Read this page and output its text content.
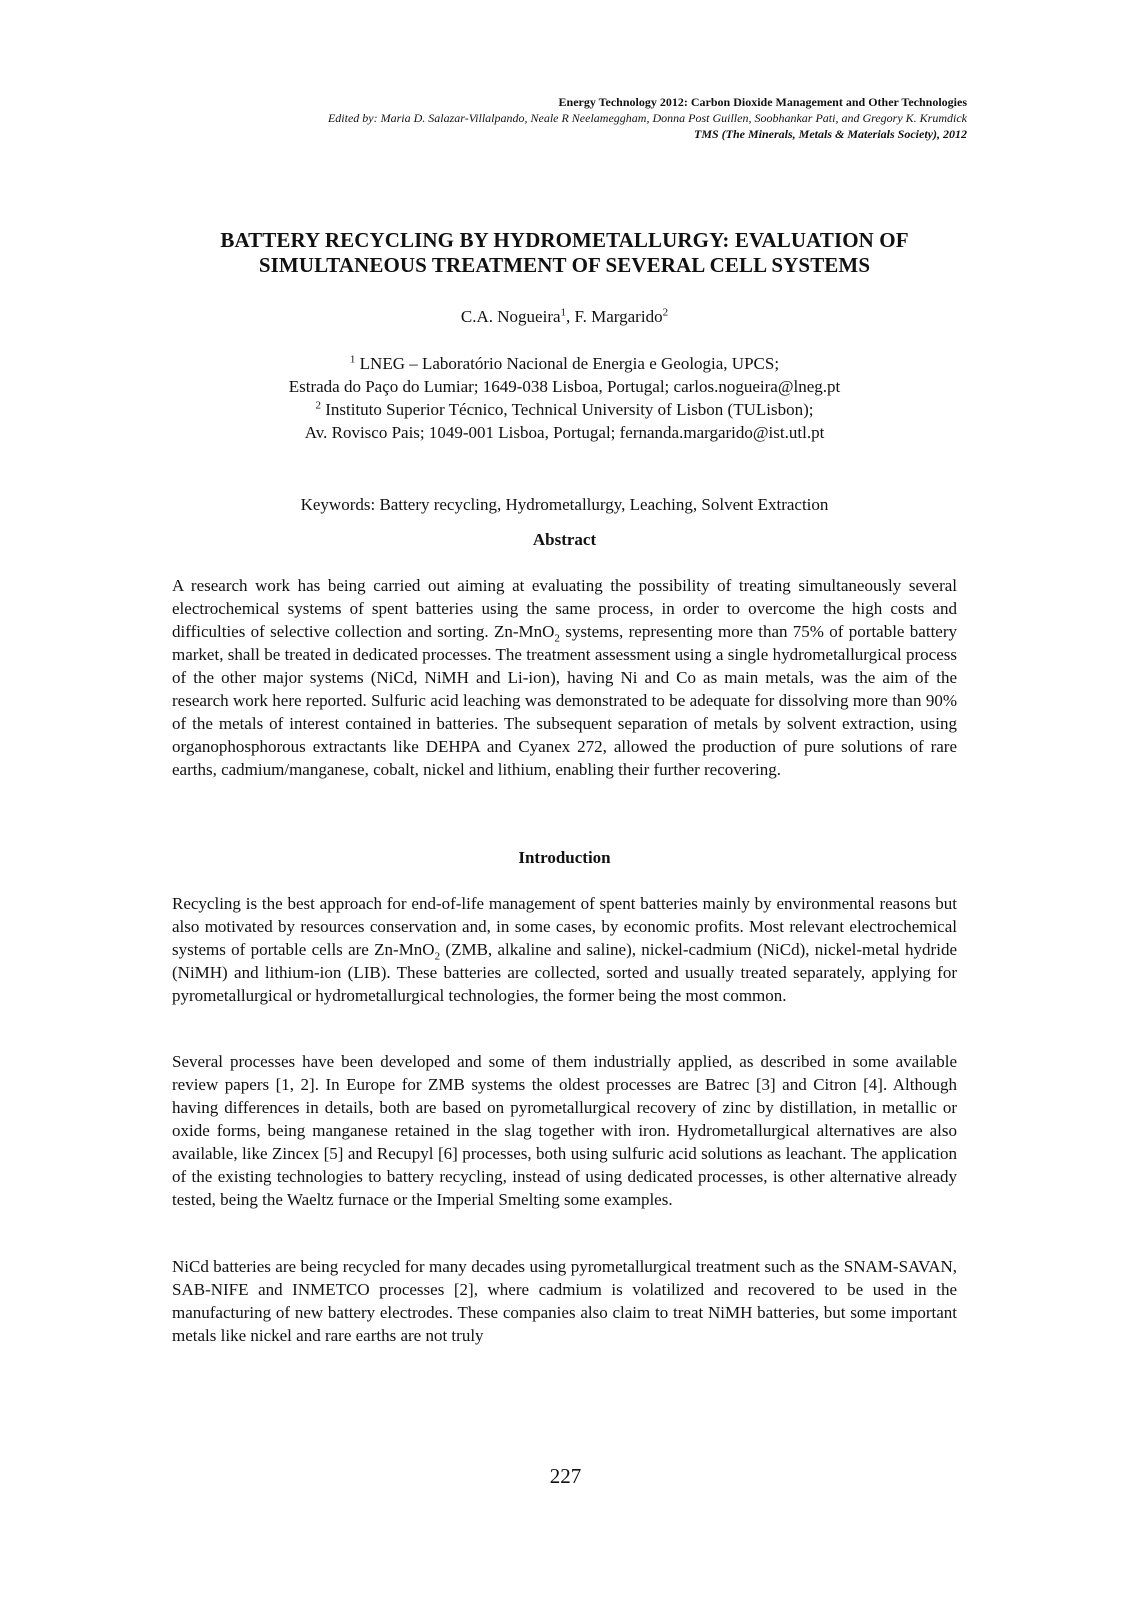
Energy Technology 2012: Carbon Dioxide Management and Other Technologies
Edited by: Maria D. Salazar-Villalpando, Neale R Neelameggham, Donna Post Guillen, Soobhankar Pati, and Gregory K. Krumdick
TMS (The Minerals, Metals & Materials Society), 2012
BATTERY RECYCLING BY HYDROMETALLURGY: EVALUATION OF
SIMULTANEOUS TREATMENT OF SEVERAL CELL SYSTEMS
C.A. Nogueira$^1$, F. Margarido$^2$
$^1$ LNEG – Laboratório Nacional de Energia e Geologia, UPCS;
Estrada do Paço do Lumiar; 1649-038 Lisboa, Portugal; carlos.nogueira@lneg.pt
$^2$ Instituto Superior Técnico, Technical University of Lisbon (TULisbon);
Av. Rovisco Pais; 1049-001 Lisboa, Portugal; fernanda.margarido@ist.utl.pt
Keywords: Battery recycling, Hydrometallurgy, Leaching, Solvent Extraction
Abstract
A research work has being carried out aiming at evaluating the possibility of treating simultaneously several electrochemical systems of spent batteries using the same process, in order to overcome the high costs and difficulties of selective collection and sorting. Zn-MnO$_2$ systems, representing more than 75% of portable battery market, shall be treated in dedicated processes. The treatment assessment using a single hydrometallurgical process of the other major systems (NiCd, NiMH and Li-ion), having Ni and Co as main metals, was the aim of the research work here reported. Sulfuric acid leaching was demonstrated to be adequate for dissolving more than 90% of the metals of interest contained in batteries. The subsequent separation of metals by solvent extraction, using organophosphorous extractants like DEHPA and Cyanex 272, allowed the production of pure solutions of rare earths, cadmium/manganese, cobalt, nickel and lithium, enabling their further recovering.
Introduction
Recycling is the best approach for end-of-life management of spent batteries mainly by environmental reasons but also motivated by resources conservation and, in some cases, by economic profits. Most relevant electrochemical systems of portable cells are Zn-MnO$_2$ (ZMB, alkaline and saline), nickel-cadmium (NiCd), nickel-metal hydride (NiMH) and lithium-ion (LIB). These batteries are collected, sorted and usually treated separately, applying for pyrometallurgical or hydrometallurgical technologies, the former being the most common.
Several processes have been developed and some of them industrially applied, as described in some available review papers [1, 2]. In Europe for ZMB systems the oldest processes are Batrec [3] and Citron [4]. Although having differences in details, both are based on pyrometallurgical recovery of zinc by distillation, in metallic or oxide forms, being manganese retained in the slag together with iron. Hydrometallurgical alternatives are also available, like Zincex [5] and Recupyl [6] processes, both using sulfuric acid solutions as leachant. The application of the existing technologies to battery recycling, instead of using dedicated processes, is other alternative already tested, being the Waeltz furnace or the Imperial Smelting some examples.
NiCd batteries are being recycled for many decades using pyrometallurgical treatment such as the SNAM-SAVAN, SAB-NIFE and INMETCO processes [2], where cadmium is volatilized and recovered to be used in the manufacturing of new battery electrodes. These companies also claim to treat NiMH batteries, but some important metals like nickel and rare earths are not truly
227
